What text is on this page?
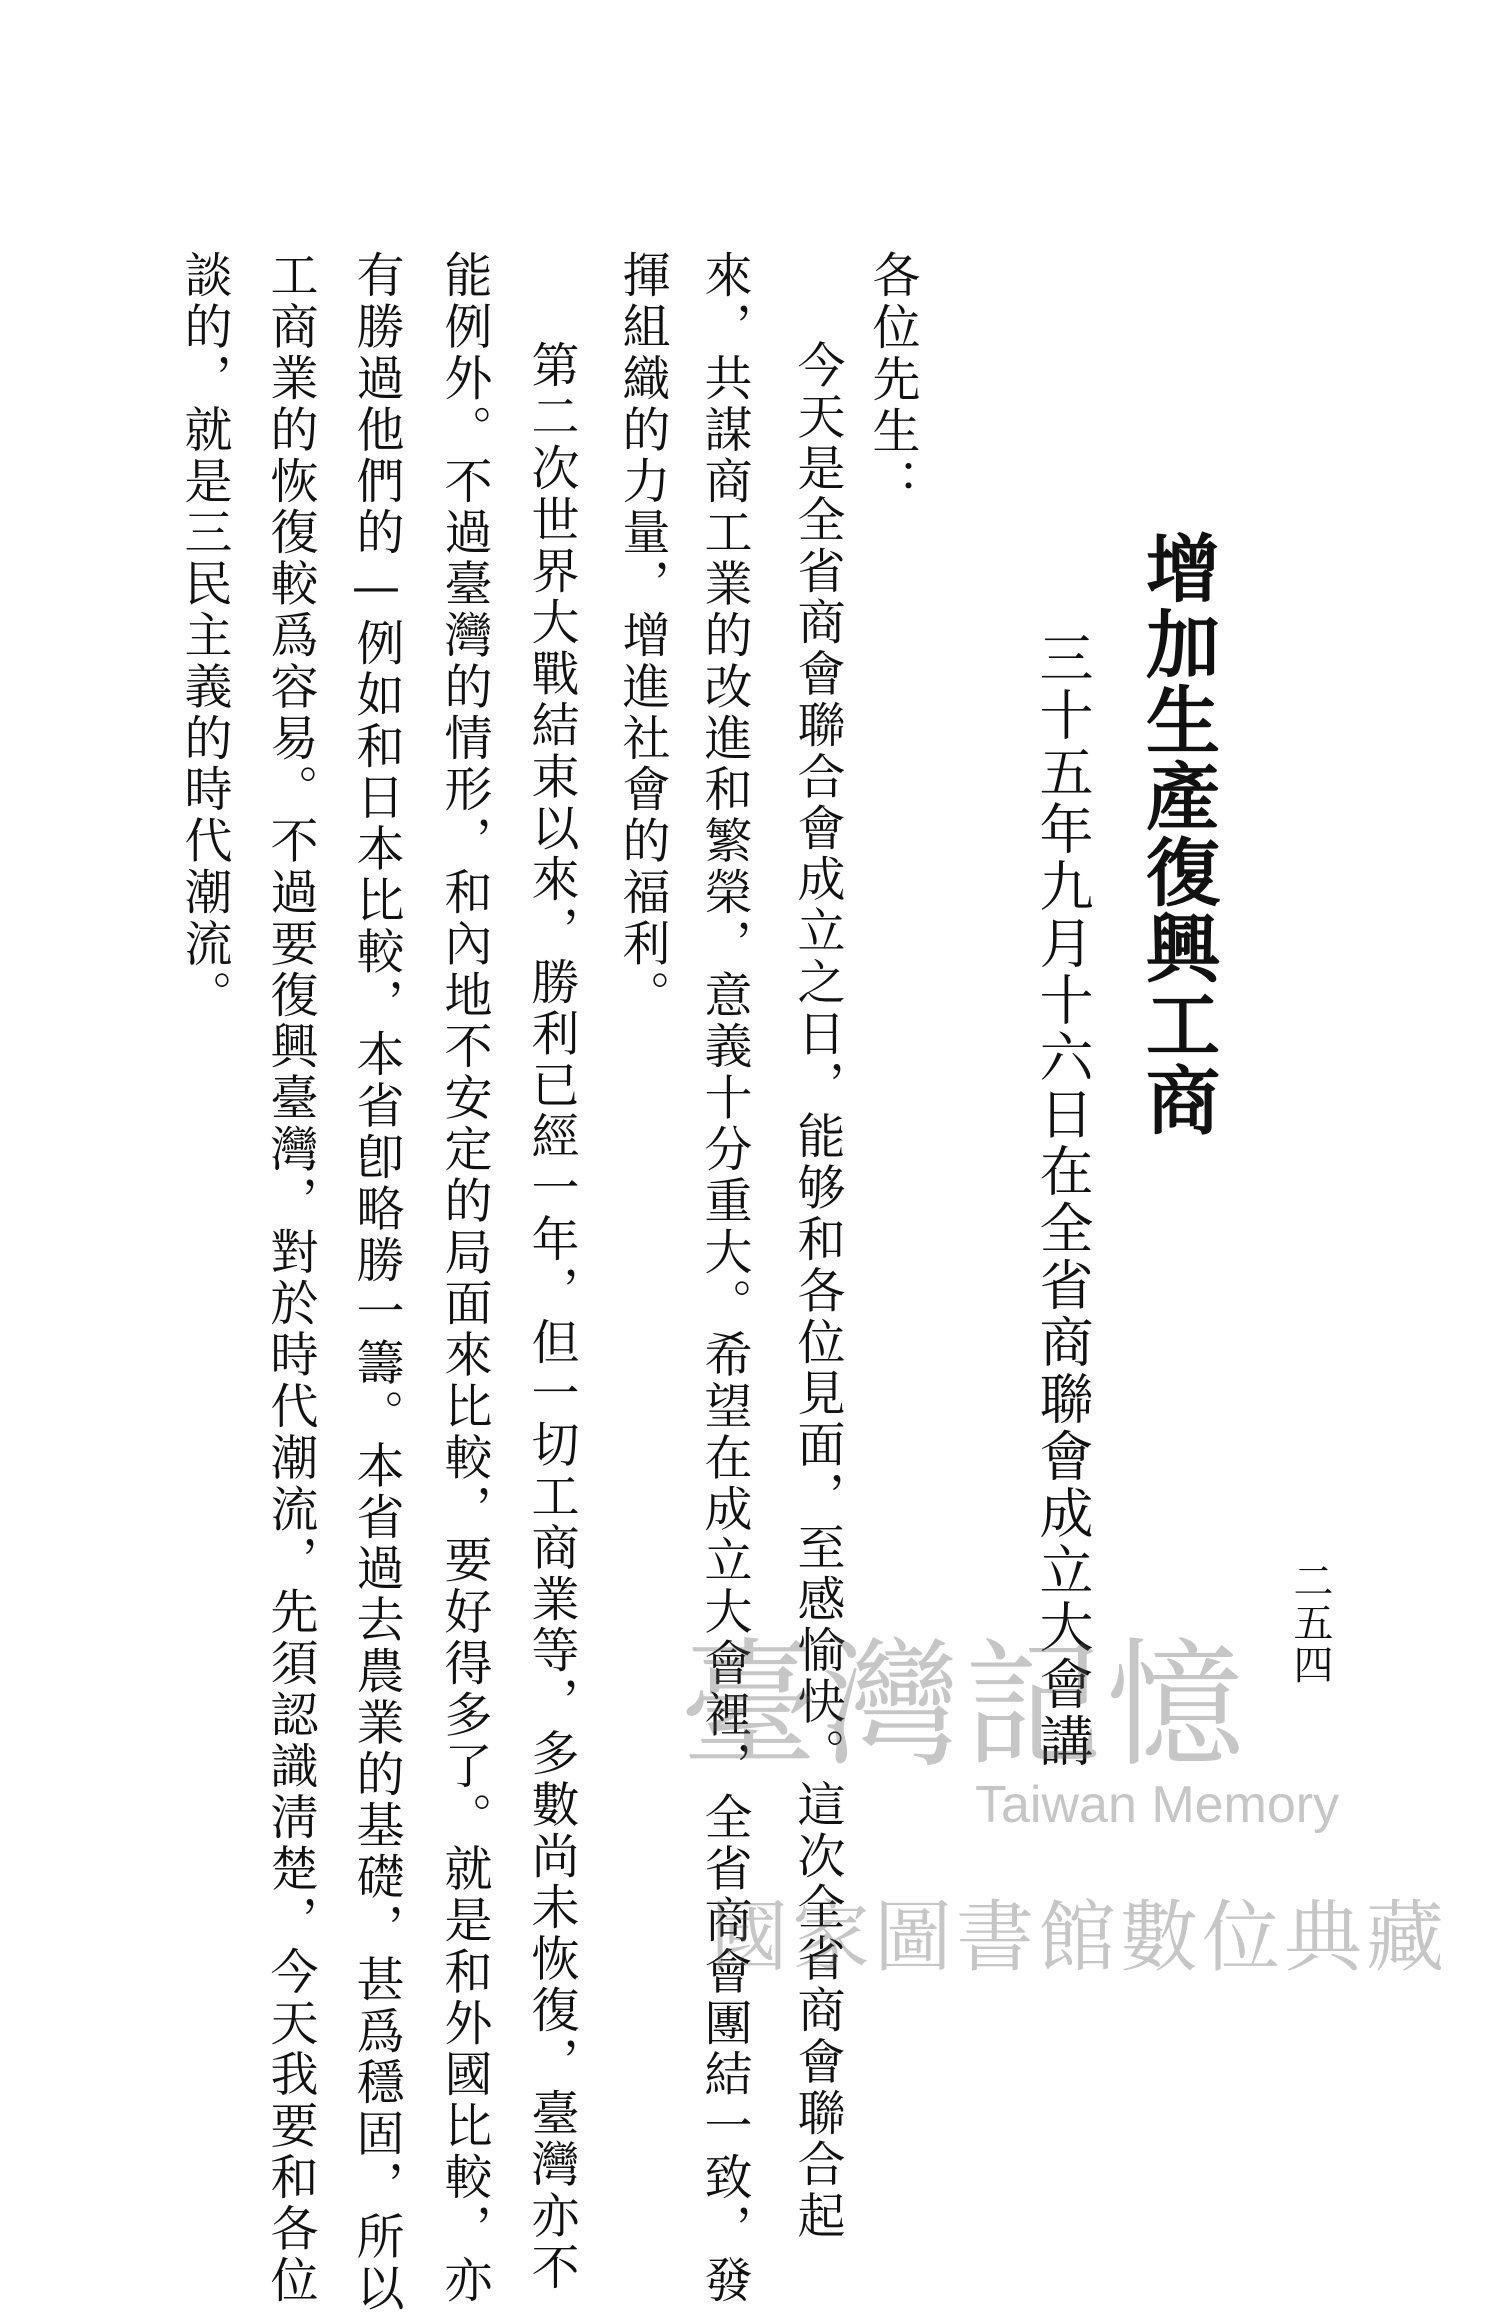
增加生產復興工商
三十五年九月十六日在全省商聯會成立大會講	二五四
各位先生：
今天是全省商會聯合會成立之日，能够和各位見面，至感愉快。這次全省商會聯合起
來，共謀商工業的改進和繁榮，意義十分重大。希望在成立大會裡，全省商會團結一致，發
揮組織的力量，增進社會的福利。
第二次世界大戰結束以來，勝利已經一年，但一切工商業等，多數尚未恢復，臺灣亦不
能例外。不過臺灣的情形，和內地不安定的局面來比較，要好得多了。就是和外國比較，亦
有勝過他們的—例如和日本比較，本省卽略勝一籌。本省過去農業的基礎，甚爲穩固，所以
工商業的恢復較爲容易。不過要復興臺灣，對於時代潮流，先須認識淸楚，今天我要和各位
談的，就是三民主義的時代潮流。
臺灣記憶
Taiwan Memory
國家圖書館數位典藏
